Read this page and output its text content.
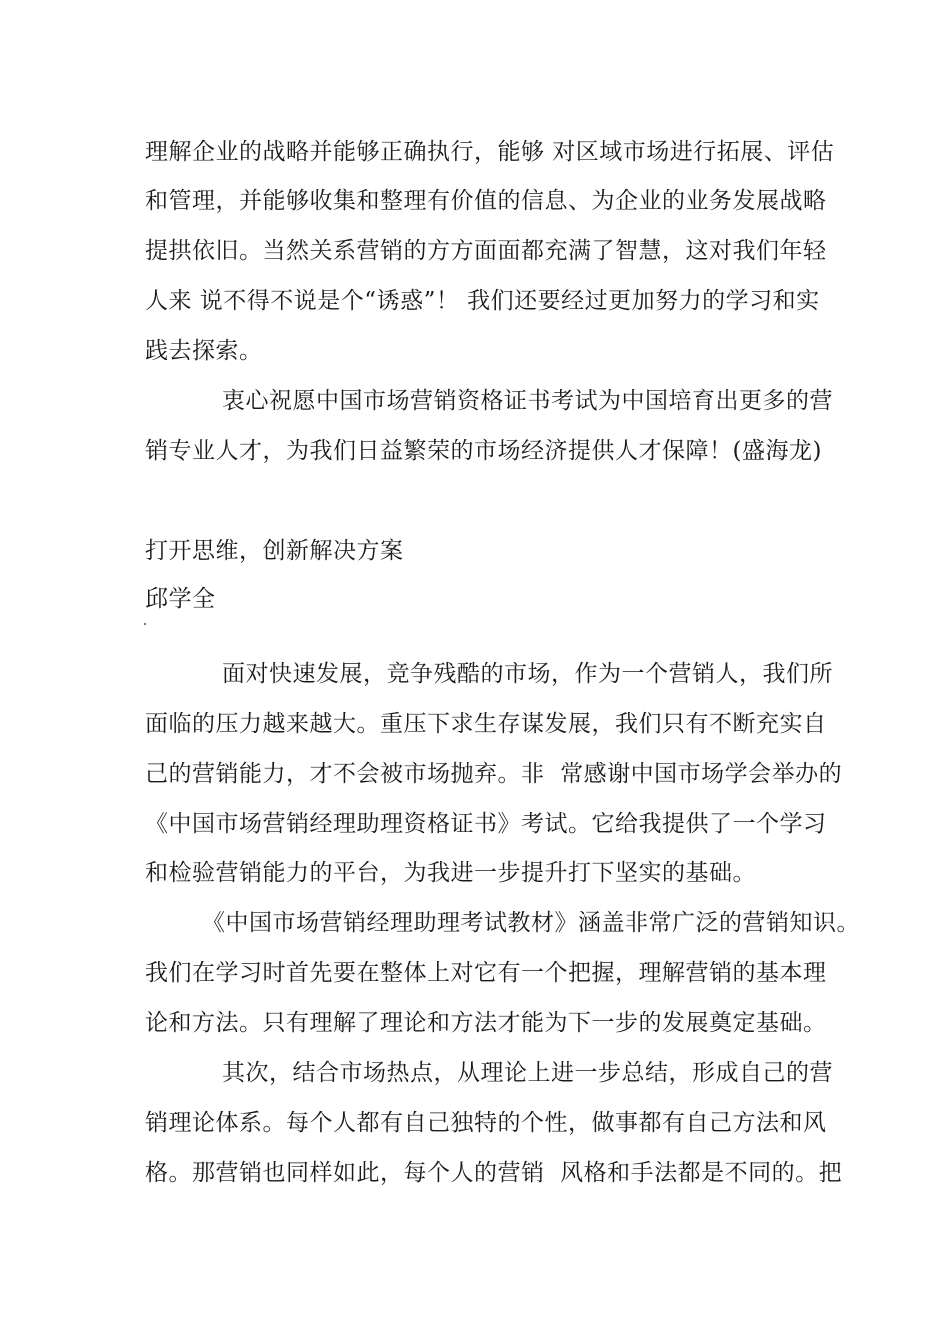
理解企业的战略并能够正确执行，能够 对区域市场进行拓展、评估
和管理，并能够收集和整理有价值的信息、为企业的业务发展战略
提拱依旧。当然关系营销的方方面面都充满了智慧，这对我们年轻
人来 说不得不说是个“诱惑”！ 我们还要经过更加努力的学习和实
践去探索。
衷心祝愿中国市场营销资格证书考试为中国培育出更多的营
销专业人才，为我们日益繁荣的市场经济提供人才保障！(盛海龙)
打开思维，创新解决方案
邱学全
面对快速发展，竞争残酷的市场，作为一个营销人，我们所
面临的压力越来越大。重压下求生存谋发展，我们只有不断充实自
己的营销能力，才不会被市场抛弃。非  常感谢中国市场学会举办的
《中国市场营销经理助理资格证书》考试。它给我提供了一个学习
和检验营销能力的平台，为我进一步提升打下坚实的基础。
《中国市场营销经理助理考试教材》涵盖非常广泛的营销知识。
我们在学习时首先要在整体上对它有一个把握，理解营销的基本理
论和方法。只有理解了理论和方法才能为下一步的发展奠定基础。
其次，结合市场热点，从理论上进一步总结，形成自己的营
销理论体系。每个人都有自己独特的个性，做事都有自己方法和风
格。那营销也同样如此，每个人的营销  风格和手法都是不同的。把
